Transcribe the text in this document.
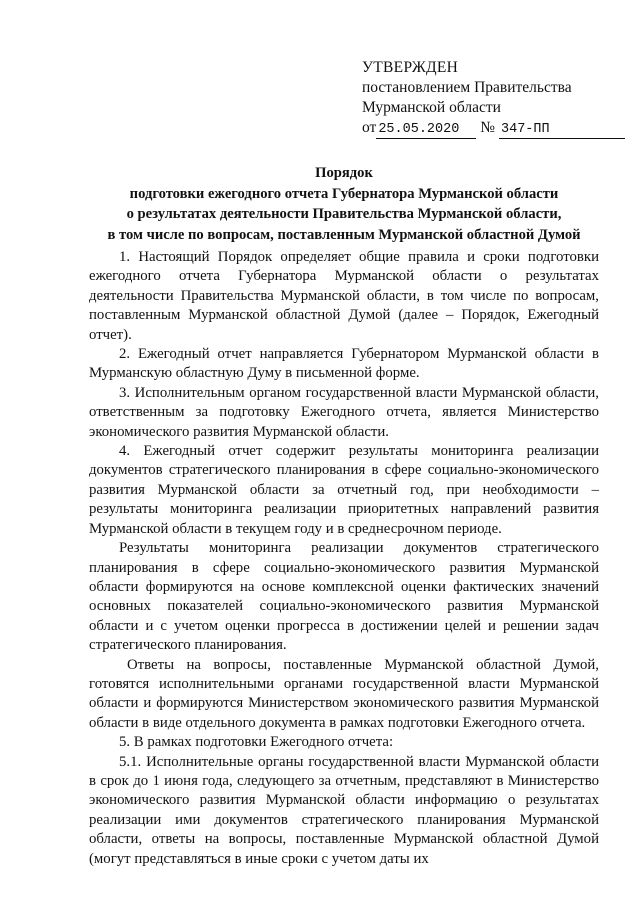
УТВЕРЖДЕН
постановлением Правительства
Мурманской области
от 25.05.2020 № 347-ПП
Порядок
подготовки ежегодного отчета Губернатора Мурманской области
о результатах деятельности Правительства Мурманской области,
в том числе по вопросам, поставленным Мурманской областной Думой

1. Настоящий Порядок определяет общие правила и сроки подготовки ежегодного отчета Губернатора Мурманской области о результатах деятельности Правительства Мурманской области, в том числе по вопросам, поставленным Мурманской областной Думой (далее – Порядок, Ежегодный отчет).

2. Ежегодный отчет направляется Губернатором Мурманской области в Мурманскую областную Думу в письменной форме.

3. Исполнительным органом государственной власти Мурманской области, ответственным за подготовку Ежегодного отчета, является Министерство экономического развития Мурманской области.

4. Ежегодный отчет содержит результаты мониторинга реализации документов стратегического планирования в сфере социально-экономического развития Мурманской области за отчетный год, при необходимости – результаты мониторинга реализации приоритетных направлений развития Мурманской области в текущем году и в среднесрочном периоде.

Результаты мониторинга реализации документов стратегического планирования в сфере социально-экономического развития Мурманской области формируются на основе комплексной оценки фактических значений основных показателей социально-экономического развития Мурманской области и с учетом оценки прогресса в достижении целей и решении задач стратегического планирования.

Ответы на вопросы, поставленные Мурманской областной Думой, готовятся исполнительными органами государственной власти Мурманской области и формируются Министерством экономического развития Мурманской области в виде отдельного документа в рамках подготовки Ежегодного отчета.

5. В рамках подготовки Ежегодного отчета:

5.1. Исполнительные органы государственной власти Мурманской области в срок до 1 июня года, следующего за отчетным, представляют в Министерство экономического развития Мурманской области информацию о результатах реализации ими документов стратегического планирования Мурманской области, ответы на вопросы, поставленные Мурманской областной Думой (могут представляться в иные сроки с учетом даты их
